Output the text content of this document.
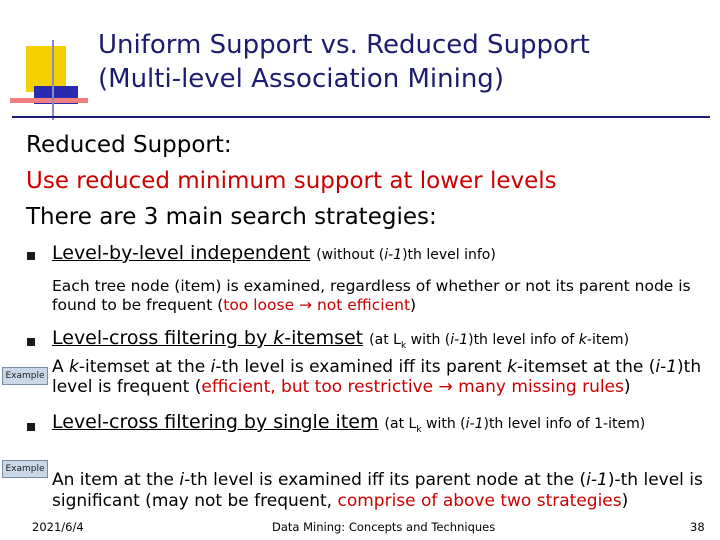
Uniform Support vs. Reduced Support
(Multi-level Association Mining)
Reduced Support:
Use reduced minimum support at lower levels
There are 3 main search strategies:
Level-by-level independent (without (i-1)th level info)
Each tree node (item) is examined, regardless of whether or not its parent node is found to be frequent (too loose → not efficient)
Level-cross filtering by k-itemset (at $L_k$ with (i-1)th level info of k-item)
Example A k-itemset at the i-th level is examined iff its parent k-itemset at the (i-1)th level is frequent (efficient, but too restrictive → many missing rules)
Level-cross filtering by single item (at $L_k$ with (i-1)th level info of 1-item)
Example
An item at the i-th level is examined iff its parent node at the (i-1)-th level is significant (may not be frequent, comprise of above two strategies)
2021/6/4	Data Mining: Concepts and Techniques	38
